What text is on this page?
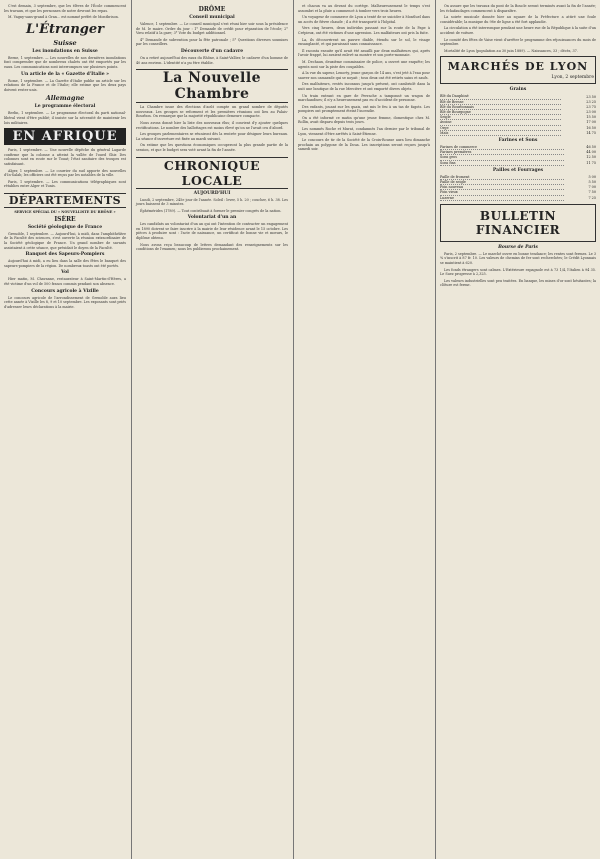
C'est demain, 3 septembre, que les élèves de l'École commencent les travaux, et que les personnes de notre devront les repas.

M. Vagny-sans-grand à Gran... est nommé préfet de Montbrison.

L'Étranger
Suisse
Les inondations en Suisse

Berne, 1 septembre. — Les nouvelles de nos dernières inondations font comprendre que de nombreux chalets ont été emportés par les eaux. Les communications sont interrompues sur plusieurs points.

Un article de la « Gazette d'Italie »

Rome, 1 septembre. — La Gazette d'Italie publie un article sur les relations de la France et de l'Italie; elle estime que les deux pays doivent rester unis.

Allemagne
Le programme électoral

Berlin, 1 septembre. — Le programme électoral du parti national-libéral vient d'être publié; il insiste sur la nécessité de maintenir les lois militaires.

EN AFRIQUE

Paris, 1 septembre. — Une nouvelle dépêche du général Lagarde confirme que la colonne a atteint la vallée de l'oued Ghir. Des colonnes sont en route sur le Touat; l'état sanitaire des troupes est satisfaisant.

Alger, 1 septembre. — Le courrier du sud apporte des nouvelles d'In-Salah; les officiers ont été reçus par les notables de la ville.

Paris, 1 septembre. — Les communications télégraphiques sont rétablies entre Alger et Tunis.

DÉPARTEMENTS
SERVICE SPÉCIAL DU « NOUVELLISTE DU RHÔNE »
ISÈRE
Société géologique de France

Grenoble, 1 septembre. — Aujourd'hui, à midi, dans l'amphithéâtre de la Faculté des sciences, s'est ouverte la réunion extraordinaire de la Société géologique de France. Un grand nombre de savants assistaient à cette séance, que présidait le doyen de la Faculté.

Banquet des Sapeurs-Pompiers

Aujourd'hui à midi, a eu lieu dans la salle des fêtes le banquet des sapeurs-pompiers de la région. De nombreux toasts ont été portés.

Vol

Hier matin, M. Chavanne, restaurateur à Saint-Martin-d'Hères, a été victime d'un vol de 500 francs commis pendant son absence.

Concours agricole à Vizille

Le concours agricole de l'arrondissement de Grenoble aura lieu cette année à Vizille les 8, 9 et 10 septembre. Les exposants sont priés d'adresser leurs déclarations à la mairie.

DRÔME
Conseil municipal

Valence, 1 septembre. — Le conseil municipal s'est réuni hier soir sous la présidence de M. le maire. Ordre du jour : 1° Demande de crédit pour réparation de l'école; 2° Vœu relatif à la gare; 3° Vote du budget additionnel.

4° Demande de subvention pour la fête patronale ; 5° Questions diverses soumises par les conseillers.

Découverte d'un cadavre

On a retiré aujourd'hui des eaux du Rhône, à Saint-Vallier, le cadavre d'un homme de 40 ans environ. L'identité n'a pu être établie.

La Nouvelle Chambre

La Chambre issue des élections d'août compte un grand nombre de députés nouveaux. Les groupes se reforment et les premières réunions ont lieu au Palais-Bourbon. On remarque que la majorité républicaine demeure compacte.

Nous avons donné hier la liste des nouveaux élus; il convient d'y ajouter quelques rectifications. Le nombre des ballottages est moins élevé qu'on ne l'avait cru d'abord.

Les groupes parlementaires se réuniront dès la rentrée pour désigner leurs bureaux. La séance d'ouverture est fixée au mardi suivant.

On estime que les questions économiques occuperont la plus grande partie de la session, et que le budget sera voté avant la fin de l'année.

CHRONIQUE LOCALE
AUJOURD'HUI

Lundi, 2 septembre, 245e jour de l'année. Soleil : lever, 5 h. 20 ; coucher, 6 h. 38. Les jours baissent de 3 minutes.

Éphémérides (1789). — Tout contribuait à former le premier congrès de la nation.

Volontariat d'un an

Les candidats au volontariat d'un an qui ont l'intention de contracter un engagement en 1890 doivent se faire inscrire à la mairie de leur résidence avant le 15 octobre. Les pièces à produire sont : l'acte de naissance, un certificat de bonne vie et mœurs, le diplôme obtenu.

Nous avons reçu beaucoup de lettres demandant des renseignements sur les conditions de l'examen; nous les publierons prochainement.

et chacun va au devant du cortège. Malheureusement le temps s'est assombri et la pluie a commencé à tomber vers trois heures.

Un voyageur de commerce de Lyon a tenté de se suicider à Montluel dans un accès de fièvre chaude ; il a été transporté à l'hôpital.

Vers cinq heures, deux individus passant sur la route de la Pape à Crépieux, ont été victimes d'une agression. Les malfaiteurs ont pris la fuite.

La, ils découvrirent un pauvre diable, étendu sur le sol, le visage ensanglanté, et qui paraissait sans connaissance.

Il raconta ensuite qu'il avait été assailli par deux malfaiteurs qui, après l'avoir frappé, lui avaient enlevé sa montre et son porte-monnaie.

M. Dechaux, deuxième commissaire de police, a ouvert une enquête; les agents sont sur la piste des coupables.

A la vue du sapeur, Lenorty, jeune garçon de 14 ans, s'est jeté à l'eau pour sauver son camarade qui se noyait ; tous deux ont été retirés sains et saufs.

Des malfaiteurs, restés inconnus jusqu'à présent, ont cambriolé dans la nuit une boutique de la rue Mercière et ont emporté divers objets.

Un train entrant en gare de Perrache a tamponné un wagon de marchandises; il n'y a heureusement pas eu d'accident de personne.

Des enfants, jouant sur les quais, ont mis le feu à un tas de fagots. Les pompiers ont promptement éteint l'incendie.

On a été informé ce matin qu'une jeune femme, domestique chez M. Rollin, avait disparu depuis trois jours.

Les nommés Roche et Murat, condamnés l'an dernier par le tribunal de Lyon, viennent d'être arrêtés à Saint-Étienne.

Le concours de tir de la Société de la Croix-Rousse aura lieu dimanche prochain au polygone de la Doua. Les inscriptions seront reçues jusqu'à samedi soir.

On assure que les travaux du pont de la Boucle seront terminés avant la fin de l'année; les échafaudages commencent à disparaître.

La soirée musicale donnée hier au square de la Préfecture a attiré une foule considérable; la musique du 98e de ligne a été fort applaudie.

La circulation a été interrompue pendant une heure rue de la République à la suite d'un accident de voiture.

Le comité des fêtes de Vaise vient d'arrêter le programme des réjouissances du mois de septembre.

Mortalité de Lyon (population au 30 juin 1889). — Naissances, 33 ; décès, 37.

MARCHÉS DE LYON
Lyon, 2 septembre
Grains
Blé du Dauphiné	23 50
Blé de Bresse	23 25
Blé du Bourbonnais	23 75
Blé de Bourgogne	23 00
Seigle	15 50
Avoine	17 00
Orge	16 50
Maïs	14 75
Farines et Sons
Farines de commerce	46 50
Farines premières	44 00
Sons gros	12 50
Sons fins	11 75
Pailles et Fourrages
Paille de froment	5 00
Paille de seigle	5 50
Foin nouveau	7 00
Foin vieux	7 50
Luzerne	7 25
BULLETIN FINANCIER
Bourse de Paris

Paris, 2 septembre. — Le marché ouvre en bonne tendance; les rentes sont fermes. Le 3 % s'inscrit à 87 fr. 10. Les valeurs de chemins de fer sont recherchées; le Crédit Lyonnais se maintient à 620.

Les fonds étrangers sont calmes. L'Extérieure espagnole est à 73 1/4, l'Italien à 94 35. Le Suez progresse à 2,325.

Les valeurs industrielles sont peu traitées. En banque, les mines d'or sont hésitantes; la clôture est ferme.
